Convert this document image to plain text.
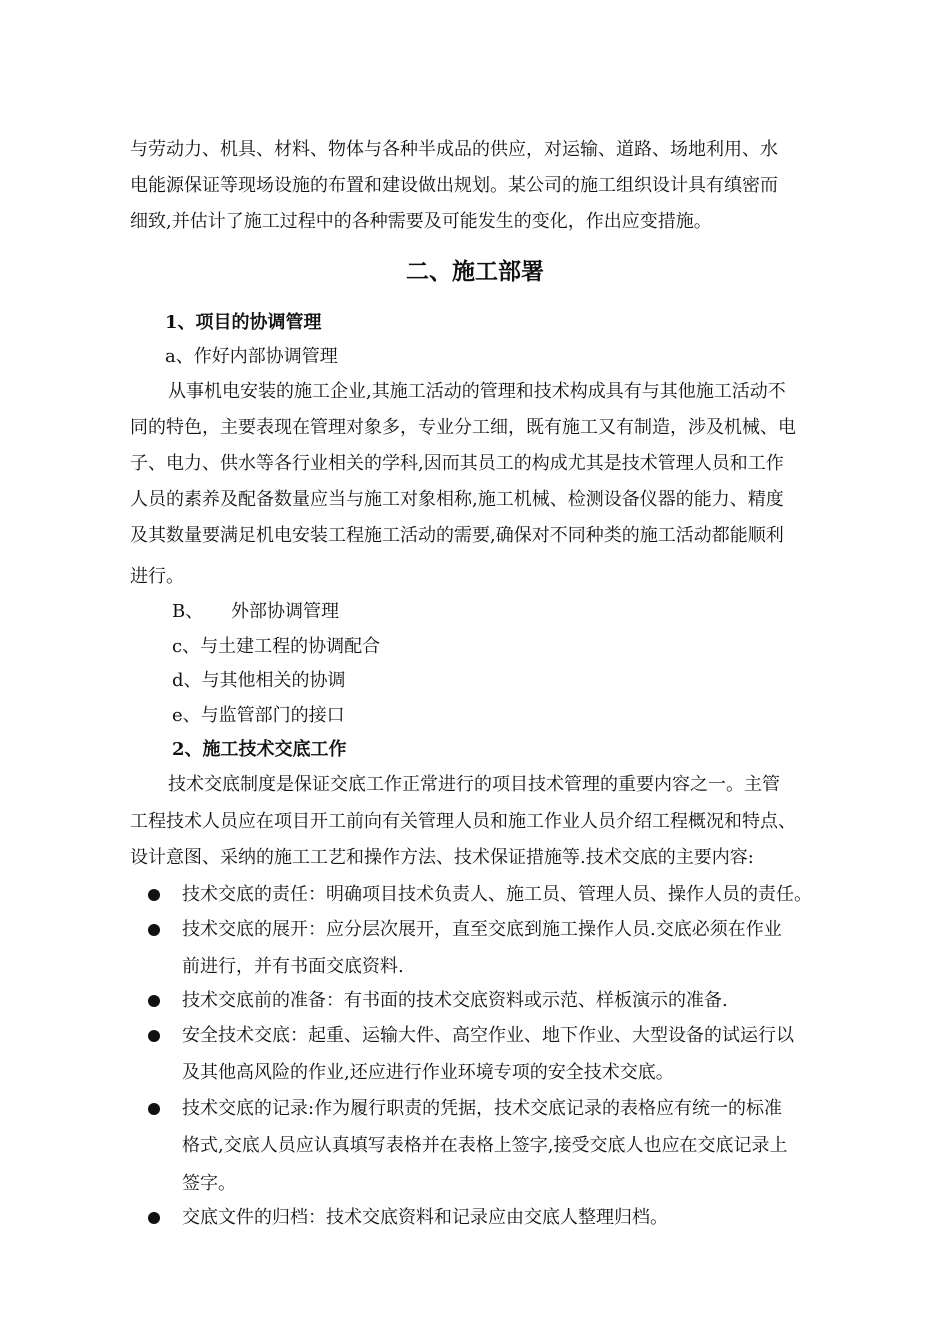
与劳动力、机具、材料、物体与各种半成品的供应，对运输、道路、场地利用、水
电能源保证等现场设施的布置和建设做出规划。某公司的施工组织设计具有缜密而
细致,并估计了施工过程中的各种需要及可能发生的变化，作出应变措施。
二、施工部署
1、项目的协调管理
a、作好内部协调管理
从事机电安装的施工企业,其施工活动的管理和技术构成具有与其他施工活动不
同的特色，主要表现在管理对象多，专业分工细，既有施工又有制造，涉及机械、电
子、电力、供水等各行业相关的学科,因而其员工的构成尤其是技术管理人员和工作
人员的素养及配备数量应当与施工对象相称,施工机械、检测设备仪器的能力、精度
及其数量要满足机电安装工程施工活动的需要,确保对不同种类的施工活动都能顺利
进行。
B、	外部协调管理
c、与土建工程的协调配合
d、与其他相关的协调
e、与监管部门的接口
2、施工技术交底工作
技术交底制度是保证交底工作正常进行的项目技术管理的重要内容之一。主管
工程技术人员应在项目开工前向有关管理人员和施工作业人员介绍工程概况和特点、
设计意图、采纳的施工工艺和操作方法、技术保证措施等.技术交底的主要内容:
技术交底的责任：明确项目技术负责人、施工员、管理人员、操作人员的责任。
技术交底的展开：应分层次展开，直至交底到施工操作人员.交底必须在作业
前进行，并有书面交底资料.
技术交底前的准备：有书面的技术交底资料或示范、样板演示的准备.
安全技术交底：起重、运输大件、高空作业、地下作业、大型设备的试运行以
及其他高风险的作业,还应进行作业环境专项的安全技术交底。
技术交底的记录:作为履行职责的凭据，技术交底记录的表格应有统一的标准
格式,交底人员应认真填写表格并在表格上签字,接受交底人也应在交底记录上
签字。
交底文件的归档：技术交底资料和记录应由交底人整理归档。
